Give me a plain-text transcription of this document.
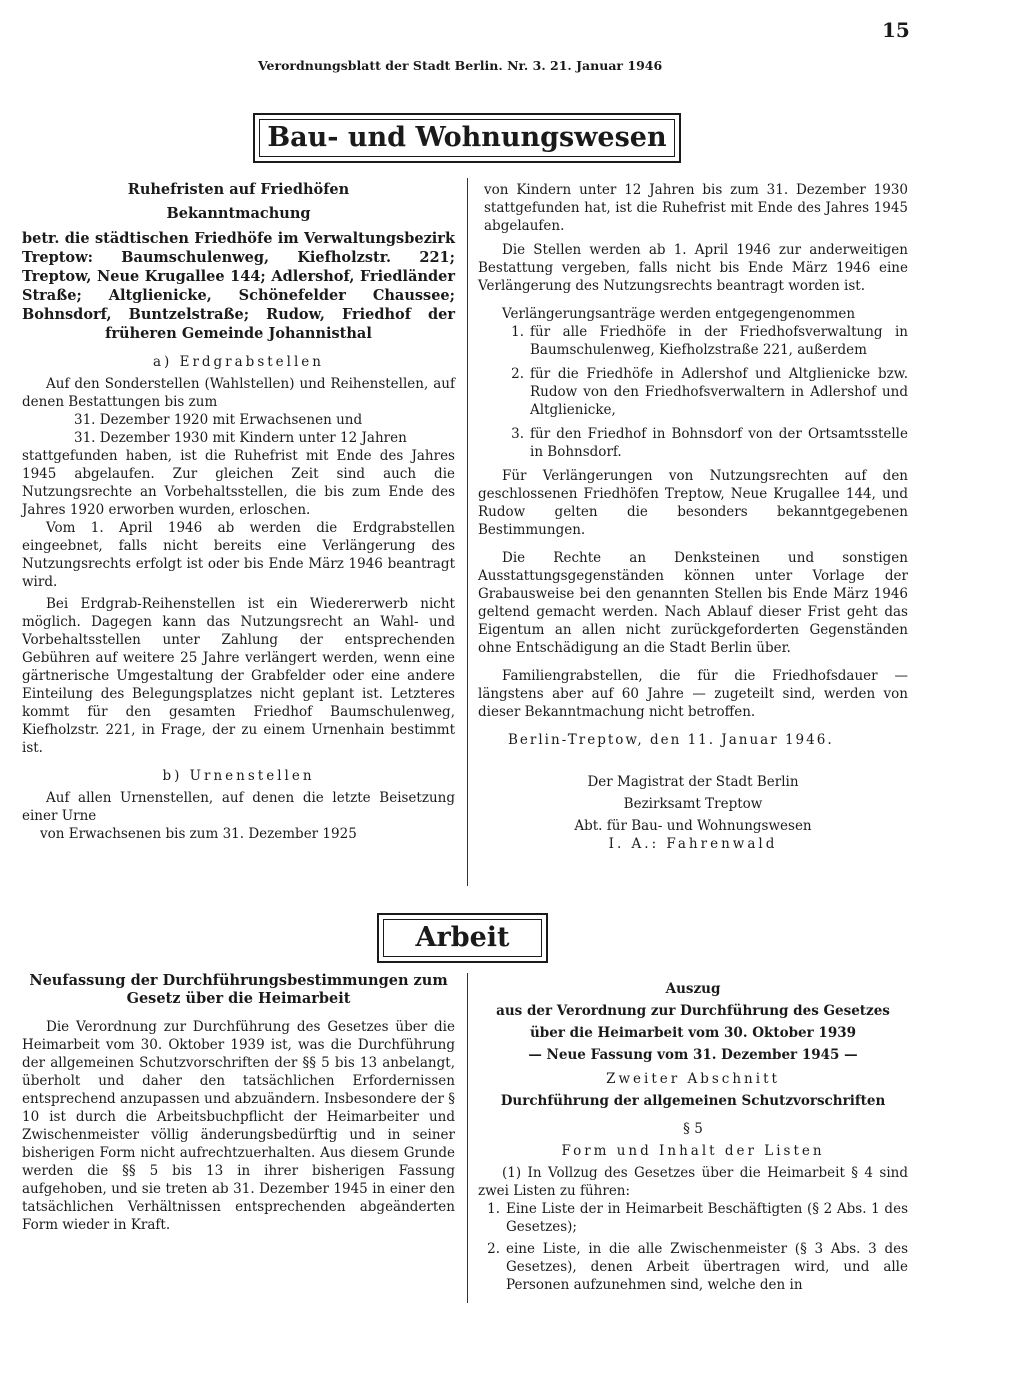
15
Verordnungsblatt der Stadt Berlin. Nr. 3. 21. Januar 1946
Bau- und Wohnungswesen

Ruhefristen auf Friedhöfen

Bekanntmachung

betr. die städtischen Friedhöfe im Verwaltungsbezirk Treptow: Baumschulenweg, Kiefholzstr. 221; Treptow, Neue Krugallee 144; Adlershof, Friedländer Straße; Altglienicke, Schönefelder Chaussee; Bohnsdorf, Buntzelstraße; Rudow, Friedhof der früheren Gemeinde Johannisthal

a) Erdgrabstellen

Auf den Sonderstellen (Wahlstellen) und Reihenstellen, auf denen Bestattungen bis zum

31. Dezember 1920 mit Erwachsenen und

31. Dezember 1930 mit Kindern unter 12 Jahren

stattgefunden haben, ist die Ruhefrist mit Ende des Jahres 1945 abgelaufen. Zur gleichen Zeit sind auch die Nutzungsrechte an Vorbehaltsstellen, die bis zum Ende des Jahres 1920 erworben wurden, erloschen.

Vom 1. April 1946 ab werden die Erdgrabstellen eingeebnet, falls nicht bereits eine Verlängerung des Nutzungsrechts erfolgt ist oder bis Ende März 1946 beantragt wird.

Bei Erdgrab-Reihenstellen ist ein Wiedererwerb nicht möglich. Dagegen kann das Nutzungsrecht an Wahl- und Vorbehaltsstellen unter Zahlung der entsprechenden Gebühren auf weitere 25 Jahre verlängert werden, wenn eine gärtnerische Umgestaltung der Grabfelder oder eine andere Einteilung des Belegungsplatzes nicht geplant ist. Letzteres kommt für den gesamten Friedhof Baumschulenweg, Kiefholzstr. 221, in Frage, der zu einem Urnenhain bestimmt ist.

b) Urnenstellen

Auf allen Urnenstellen, auf denen die letzte Beisetzung einer Urne

von Erwachsenen bis zum 31. Dezember 1925

von Kindern unter 12 Jahren bis zum 31. Dezember 1930 stattgefunden hat, ist die Ruhefrist mit Ende des Jahres 1945 abgelaufen.

Die Stellen werden ab 1. April 1946 zur anderweitigen Bestattung vergeben, falls nicht bis Ende März 1946 eine Verlängerung des Nutzungsrechts beantragt worden ist.

Verlängerungsanträge werden entgegengenommen

1. für alle Friedhöfe in der Friedhofsverwaltung in Baumschulenweg, Kiefholzstraße 221, außerdem
2. für die Friedhöfe in Adlershof und Altglienicke bzw. Rudow von den Friedhofsverwaltern in Adlershof und Altglienicke,
3. für den Friedhof in Bohnsdorf von der Ortsamtsstelle in Bohnsdorf.

Für Verlängerungen von Nutzungsrechten auf den geschlossenen Friedhöfen Treptow, Neue Krugallee 144, und Rudow gelten die besonders bekanntgegebenen Bestimmungen.

Die Rechte an Denksteinen und sonstigen Ausstattungsgegenständen können unter Vorlage der Grabausweise bei den genannten Stellen bis Ende März 1946 geltend gemacht werden. Nach Ablauf dieser Frist geht das Eigentum an allen nicht zurückgeforderten Gegenständen ohne Entschädigung an die Stadt Berlin über.

Familiengrabstellen, die für die Friedhofsdauer — längstens aber auf 60 Jahre — zugeteilt sind, werden von dieser Bekanntmachung nicht betroffen.

Berlin-Treptow, den 11. Januar 1946.

Der Magistrat der Stadt Berlin

Bezirksamt Treptow

Abt. für Bau- und Wohnungswesen

I. A.: Fahrenwald

Arbeit

Neufassung der Durchführungsbestimmungen zum Gesetz über die Heimarbeit

Die Verordnung zur Durchführung des Gesetzes über die Heimarbeit vom 30. Oktober 1939 ist, was die Durchführung der allgemeinen Schutzvorschriften der §§ 5 bis 13 anbelangt, überholt und daher den tatsächlichen Erfordernissen entsprechend anzupassen und abzuändern. Insbesondere der § 10 ist durch die Arbeitsbuchpflicht der Heimarbeiter und Zwischenmeister völlig änderungsbedürftig und in seiner bisherigen Form nicht aufrechtzuerhalten. Aus diesem Grunde werden die §§ 5 bis 13 in ihrer bisherigen Fassung aufgehoben, und sie treten ab 31. Dezember 1945 in einer den tatsächlichen Verhältnissen entsprechenden abgeänderten Form wieder in Kraft.

Auszug

aus der Verordnung zur Durchführung des Gesetzes

über die Heimarbeit vom 30. Oktober 1939

— Neue Fassung vom 31. Dezember 1945 —

Zweiter Abschnitt

Durchführung der allgemeinen Schutzvorschriften

§ 5

Form und Inhalt der Listen

(1) In Vollzug des Gesetzes über die Heimarbeit § 4 sind zwei Listen zu führen:

1. Eine Liste der in Heimarbeit Beschäftigten (§ 2 Abs. 1 des Gesetzes);
2. eine Liste, in die alle Zwischenmeister (§ 3 Abs. 3 des Gesetzes), denen Arbeit übertragen wird, und alle Personen aufzunehmen sind, welche den in
